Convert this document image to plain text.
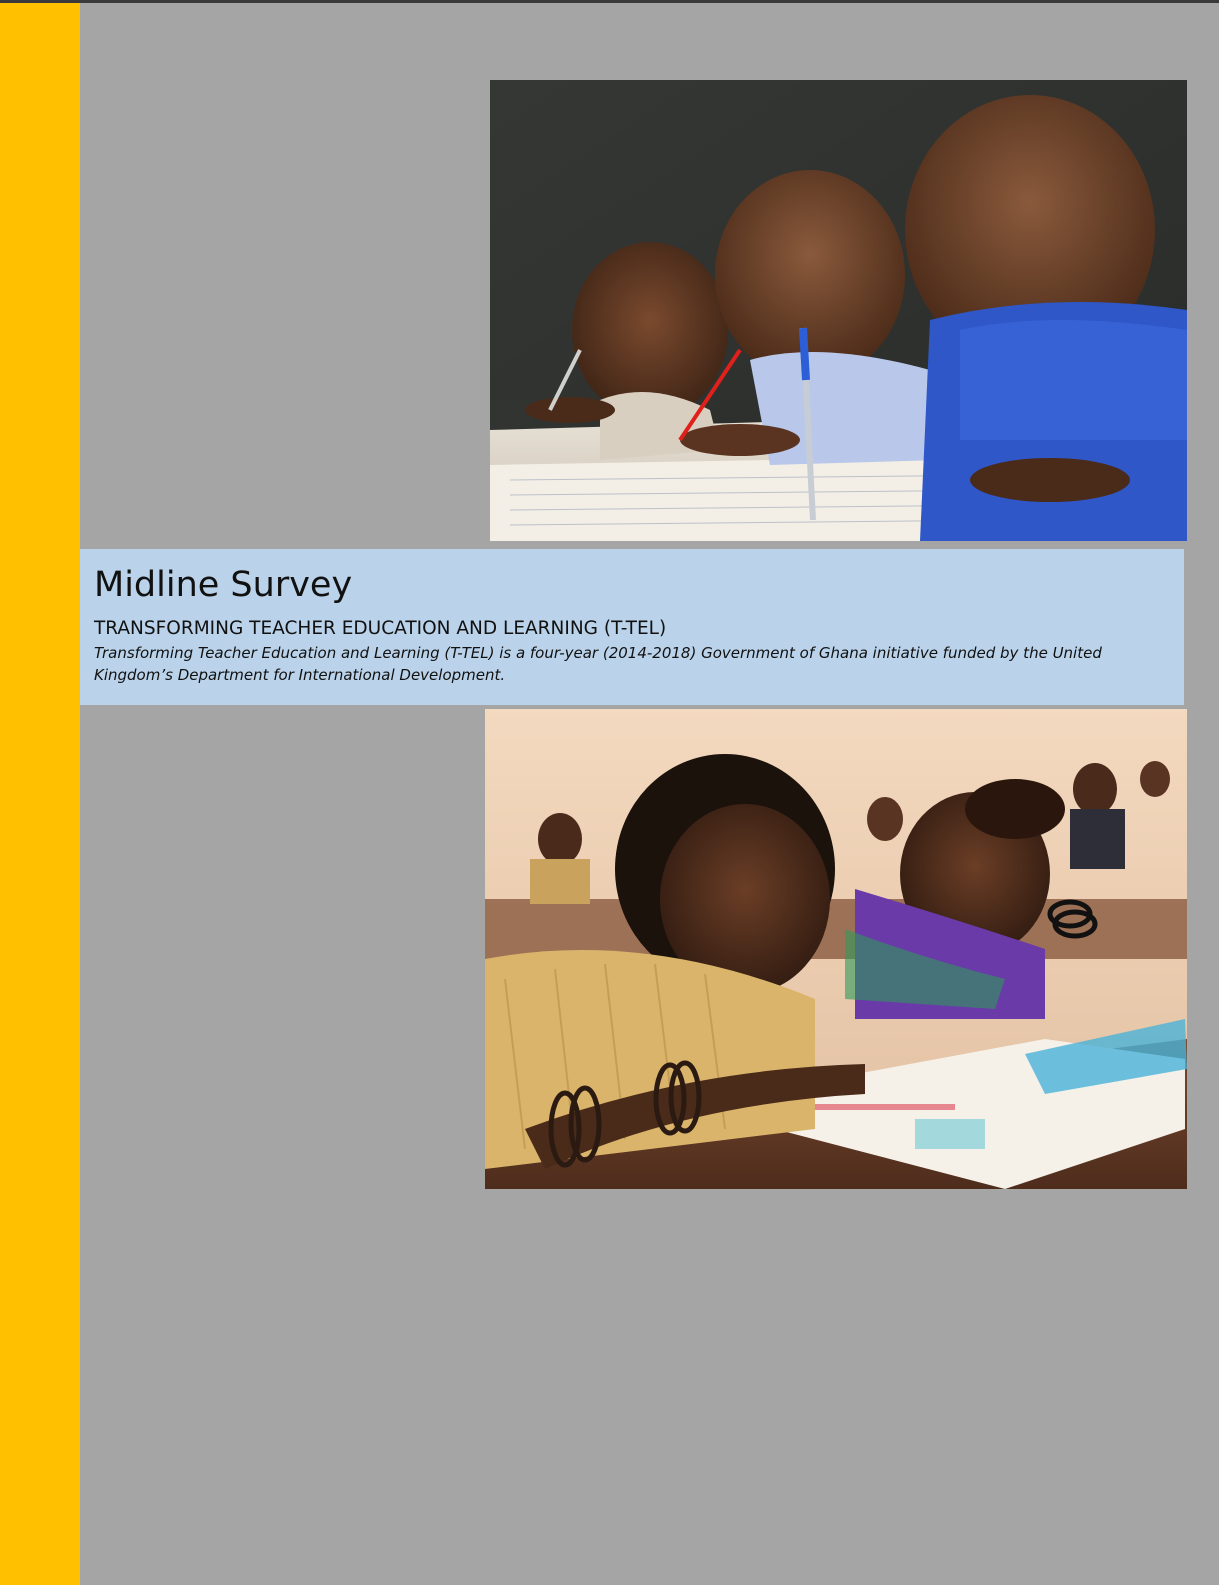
Midline Survey

TRANSFORMING TEACHER EDUCATION AND LEARNING (T-TEL)

Transforming Teacher Education and Learning (T-TEL) is a four-year (2014-2018) Government of Ghana initiative funded by the United Kingdom’s Department for International Development.
